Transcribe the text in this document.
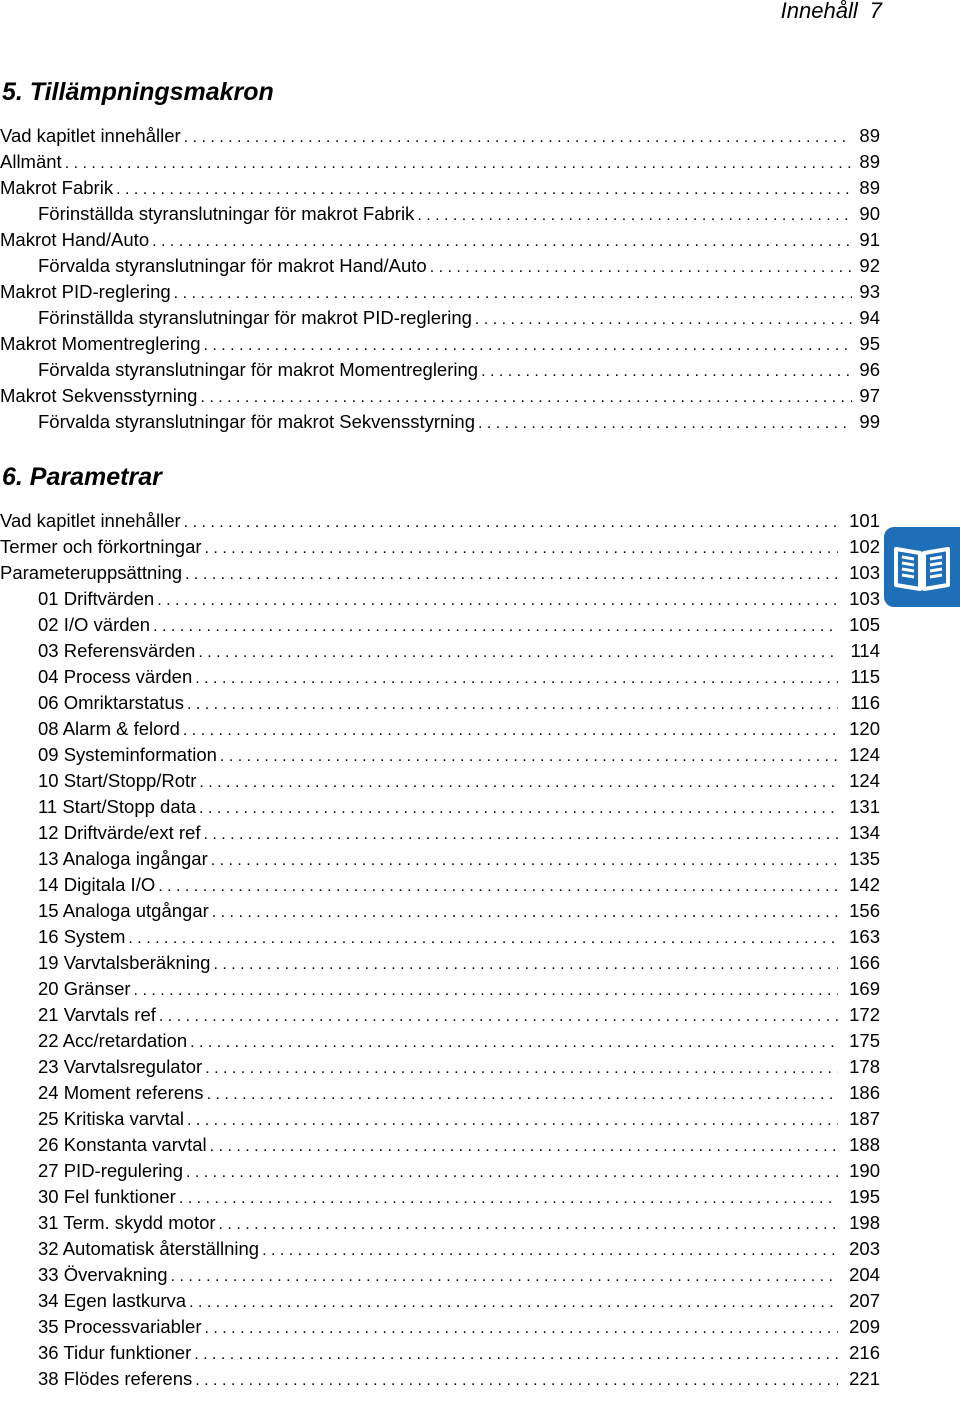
Innehåll 7
5. Tillämpningsmakron
Vad kapitlet innehåller . . .	89
Allmänt . . .	89
Makrot Fabrik . . .	89
Förinställda styranslutningar för makrot Fabrik . . .	90
Makrot Hand/Auto . . .	91
Förvalda styranslutningar för makrot Hand/Auto . . .	92
Makrot PID-reglering . . .	93
Förinställda styranslutningar för makrot PID-reglering . . .	94
Makrot Momentreglering . . .	95
Förvalda styranslutningar för makrot Momentreglering . . .	96
Makrot Sekvensstyrning . . .	97
Förvalda styranslutningar för makrot Sekvensstyrning . . .	99
6. Parametrar
Vad kapitlet innehåller . . .	101
Termer och förkortningar . . .	102
Parameteruppsättning . . .	103
01 Driftvärden . . .	103
02 I/O värden . . .	105
03 Referensvärden . . .	114
04 Process värden . . .	115
06 Omriktarstatus . . .	116
08 Alarm & felord . . .	120
09 Systeminformation . . .	124
10 Start/Stopp/Rotr . . .	124
11 Start/Stopp data . . .	131
12 Driftvärde/ext ref . . .	134
13 Analoga ingångar . . .	135
14 Digitala I/O . . .	142
15 Analoga utgångar . . .	156
16 System . . .	163
19 Varvtalsberäkning . . .	166
20 Gränser . . .	169
21 Varvtals ref . . .	172
22 Acc/retardation . . .	175
23 Varvtalsregulator . . .	178
24 Moment referens . . .	186
25 Kritiska varvtal . . .	187
26 Konstanta varvtal . . .	188
27 PID-regulering . . .	190
30 Fel funktioner . . .	195
31 Term. skydd motor . . .	198
32 Automatisk återställning . . .	203
33 Övervakning . . .	204
34 Egen lastkurva . . .	207
35 Processvariabler . . .	209
36 Tidur funktioner . . .	216
38 Flödes referens . . .	221
